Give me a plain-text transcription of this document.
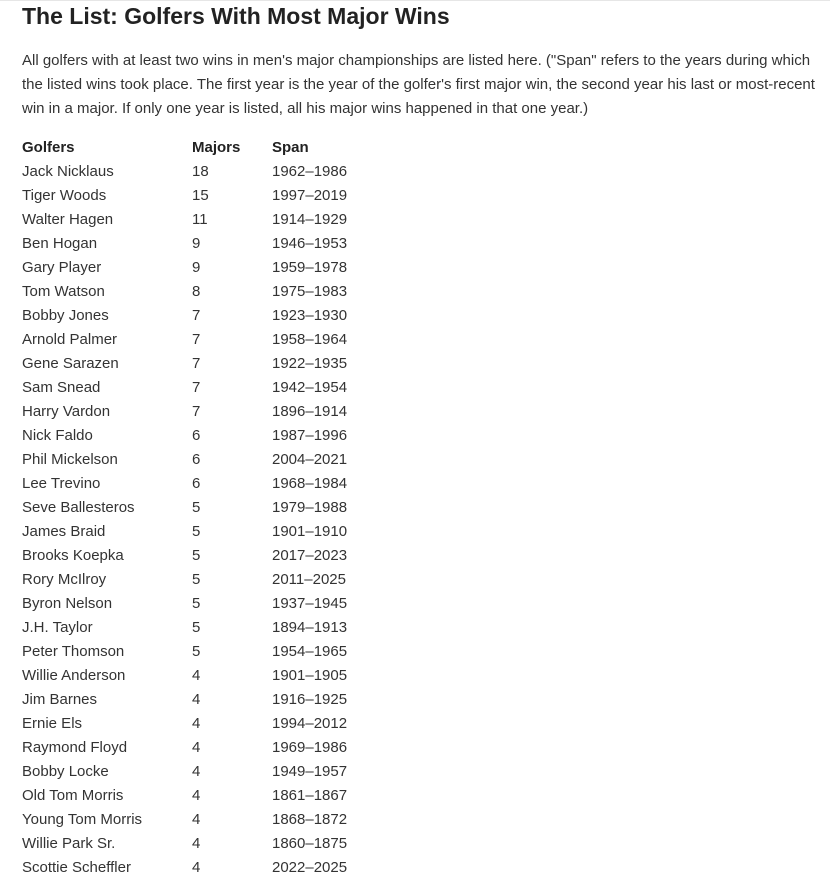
The List: Golfers With Most Major Wins

All golfers with at least two wins in men's major championships are listed here. ("Span" refers to the years during which the listed wins took place. The first year is the year of the golfer's first major win, the second year his last or most-recent win in a major. If only one year is listed, all his major wins happened in that one year.)

Golfers	Majors	Span
Jack Nicklaus	18	1962–1986
Tiger Woods	15	1997–2019
Walter Hagen	11	1914–1929
Ben Hogan	9	1946–1953
Gary Player	9	1959–1978
Tom Watson	8	1975–1983
Bobby Jones	7	1923–1930
Arnold Palmer	7	1958–1964
Gene Sarazen	7	1922–1935
Sam Snead	7	1942–1954
Harry Vardon	7	1896–1914
Nick Faldo	6	1987–1996
Phil Mickelson	6	2004–2021
Lee Trevino	6	1968–1984
Seve Ballesteros	5	1979–1988
James Braid	5	1901–1910
Brooks Koepka	5	2017–2023
Rory McIlroy	5	2011–2025
Byron Nelson	5	1937–1945
J.H. Taylor	5	1894–1913
Peter Thomson	5	1954–1965
Willie Anderson	4	1901–1905
Jim Barnes	4	1916–1925
Ernie Els	4	1994–2012
Raymond Floyd	4	1969–1986
Bobby Locke	4	1949–1957
Old Tom Morris	4	1861–1867
Young Tom Morris	4	1868–1872
Willie Park Sr.	4	1860–1875
Scottie Scheffler	4	2022–2025
